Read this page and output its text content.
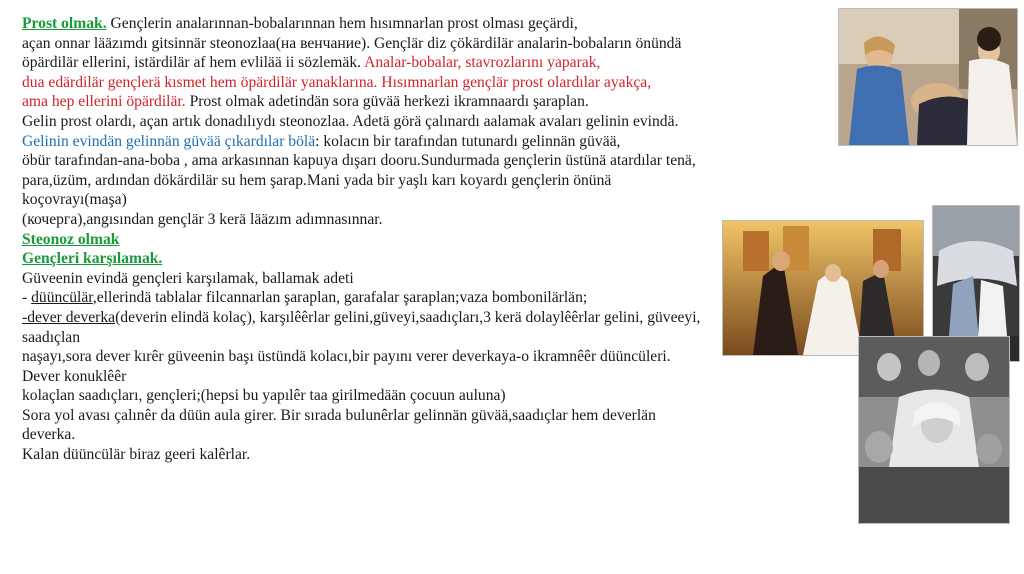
Prost olmak. Gençlerin analarınnan-bobalarınnan hem hısımnarlan prost olması geçärdi,
açan onnar lääzımdı gitsinnär steonozlaa(на венчание). Gençlär diz çökärdilär analarin-bobaların önündä
öpärdilär ellerini, istärdilär af hem evlilää ii sözlemäk. Analar-bobalar, stavrozlarını yaparak,
dua edärdilär gençlerä kısmet hem öpärdilär yanaklarına. Hısımnarlan gençlär prost olardılar ayakça,
ama hep ellerini öpärdilär. Prost olmak adetindän sora güvää herkezi ikramnaardı şaraplan.
Gelin prost olardı, açan artık donadılıydı steonozlaa. Adetä görä çalınardı aalamak avaları gelinin evindä.
Gelinin evindän gelinnän güvää çıkardılar bölä: kolacın bir tarafından tutunardı gelinnän güvää,
öbür tarafından-ana-boba , ama arkasınnan kapuya dışarı dooru.Sundurmada gençlerin üstünä atardılar tenä,
para,üzüm, ardından dökärdilär su hem şarap.Mani yada bir yaşlı karı koyardı gençlerin önünä
koçovrayı(maşa)
(кочерга),angısından gençlär 3 kerä lääzım adımnasınnar.
Steonoz olmak
Gençleri karşılamak.
Güveenin evindä gençleri karşılamak, ballamak adeti
- düüncülär,ellerindä tablalar filcannarlan şaraplan, garafalar şaraplan;vaza bombonilärlän;
-dever deverka(deverin elindä kolaç), karşılêêrlar gelini,güveyi,saadıçları,3 kerä dolaylêêrlar gelini, güveeyi,
saadıçlan
naşayı,sora dever kırêr güveenin başı üstündä kolacı,bir payını verer deverkaya-o ikramnêêr düüncüleri.
Dever konuklêêr
kolaçlan saadıçları, gençleri;(hepsi bu yapılêr taa girilmedään çocuun auluna)
Sora yol avası çalınêr da düün aula girer. Bir sırada bulunêrlar gelinnän güvää,saadıçlar hem deverlän
deverka.
Kalan düüncülär biraz geeri kalêrlar.
